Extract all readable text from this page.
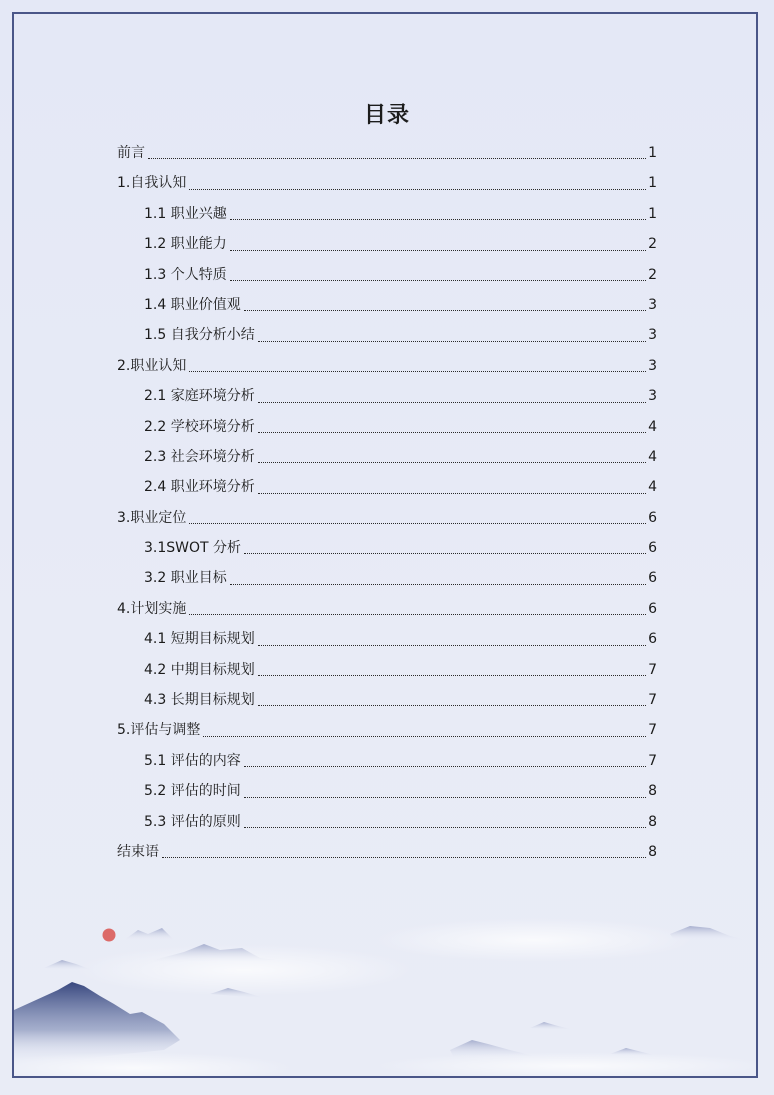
目录
前言	1
1.自我认知	1
1.1 职业兴趣	1
1.2 职业能力	2
1.3 个人特质	2
1.4 职业价值观	3
1.5 自我分析小结	3
2.职业认知	3
2.1 家庭环境分析	3
2.2 学校环境分析	4
2.3 社会环境分析	4
2.4 职业环境分析	4
3.职业定位	6
3.1SWOT 分析	6
3.2 职业目标	6
4.计划实施	6
4.1 短期目标规划	6
4.2 中期目标规划	7
4.3 长期目标规划	7
5.评估与调整	7
5.1 评估的内容	7
5.2 评估的时间	8
5.3 评估的原则	8
结束语	8
